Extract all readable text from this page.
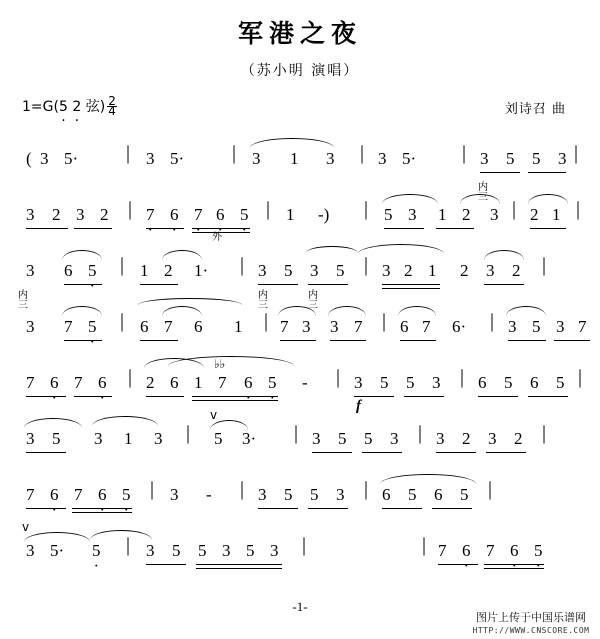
军港之夜
（苏小明 演唱）
1=G(5 · 2 · 弦) $\frac{2}{4}$	刘诗召 曲
( 3 5· | 3 5· | 3 1 3 | 3 5· | 3 5 5 3 |
3 2 3 2 | 7 · 6 · 7 · 6 · 5 · | 1 -) | 5 3 1 2 3 | 2 1 |
内
三
3 6 5 · | 1 2 1· | 3 5 3 5 | 3 2 1 2 3 2 |
外
内
三
3 7 5 · | 6 7 6 1 | 7 3 3 7 | 6 7 6· | 3 5 3 7
内
三
内
三
7 6 · 7 6 · | 2 6 1 7 6 · 5 · - | 3 5 5 3 | 6 5 6 5 |
f
♭♭
3 5 3 1 3 | 5 3· | 3 5 5 3 | 3 2 3 2 |
v
7 6 · 7 6 · 5 · | 3 - | 3 5 5 3 | 6 5 6 5 |
3 5· 5 · | 3 5 5 3 5 3 |	7 6 · 7 6 · 5 ·
|
v
-1-
图片上传于中国乐谱网
HTTP://WWW.CNSCORE.COM
